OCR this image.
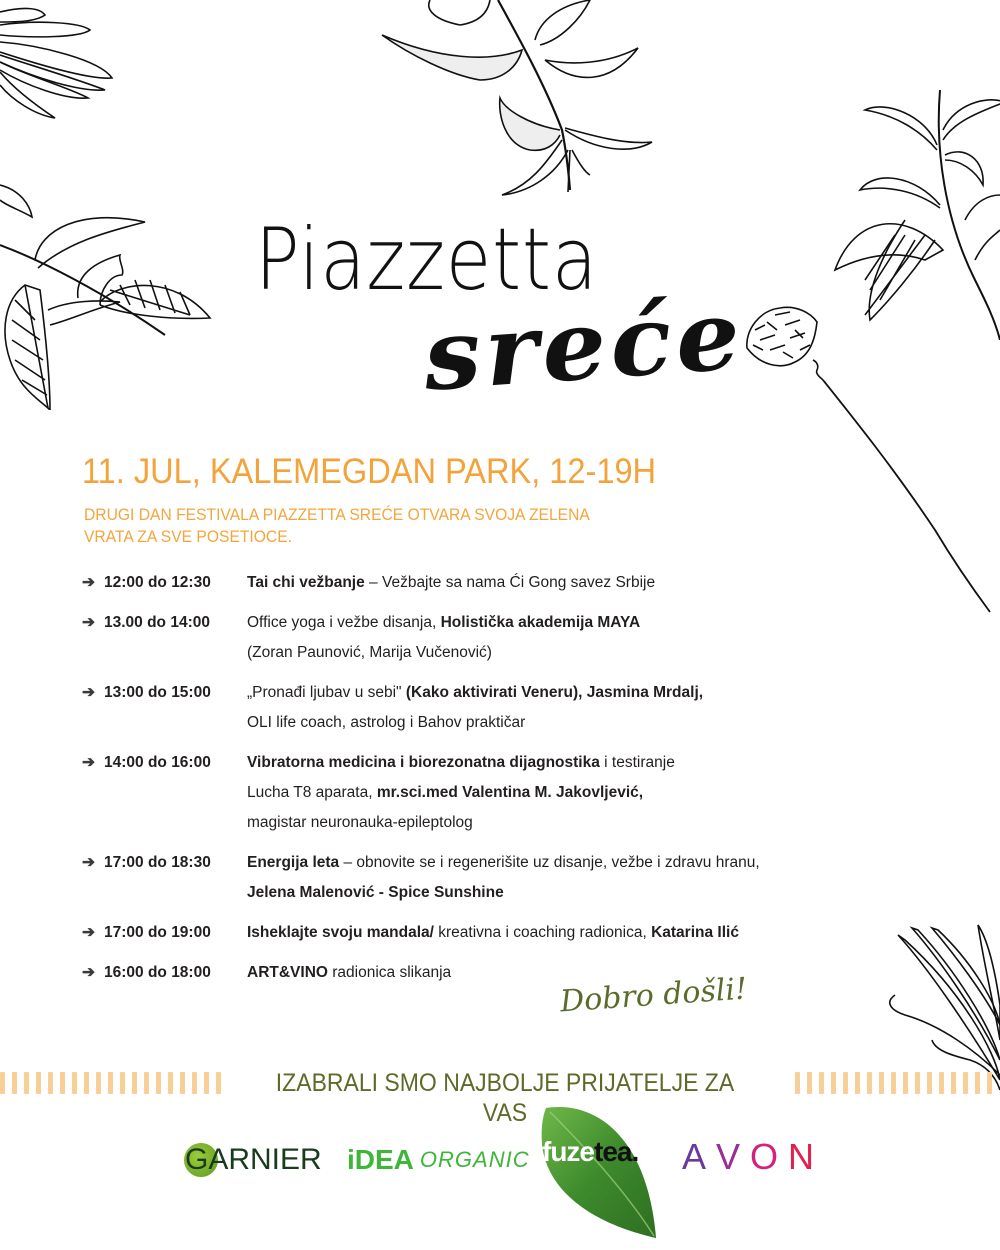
Piazzetta
sreće
11. JUL, KALEMEGDAN PARK, 12-19H
DRUGI DAN FESTIVALA PIAZZETTA SREĆE OTVARA SVOJA ZELENA
VRATA ZA SVE POSETIOCE.
➔ 12:00 do 12:30	Tai chi vežbanje – Vežbajte sa nama Ći Gong savez Srbije
➔ 13.00 do 14:00	Office yoga i vežbe disanja, Holistička akademija MAYA
(Zoran Paunović, Marija Vučenović)
➔ 13:00 do 15:00	„Pronađi ljubav u sebi" (Kako aktivirati Veneru), Jasmina Mrdalj,
OLI life coach, astrolog i Bahov praktičar
➔ 14:00 do 16:00	Vibratorna medicina i biorezonatna dijagnostika i testiranje
Lucha T8 aparata, mr.sci.med Valentina M. Jakovljević,
magistar neuronauka-epileptolog
➔ 17:00 do 18:30	Energija leta – obnovite se i regenerišite uz disanje, vežbe i zdravu hranu,
Jelena Malenović - Spice Sunshine
➔ 17:00 do 19:00	Isheklajte svoju mandala/ kreativna i coaching radionica, Katarina Ilić
➔ 16:00 do 18:00	ART&VINO radionica slikanja	Dobro došli!
IZABRALI SMO NAJBOLJE PRIJATELJE ZA VAS
GARNIER iDEA ORGANIC fuzetea. A V O N
